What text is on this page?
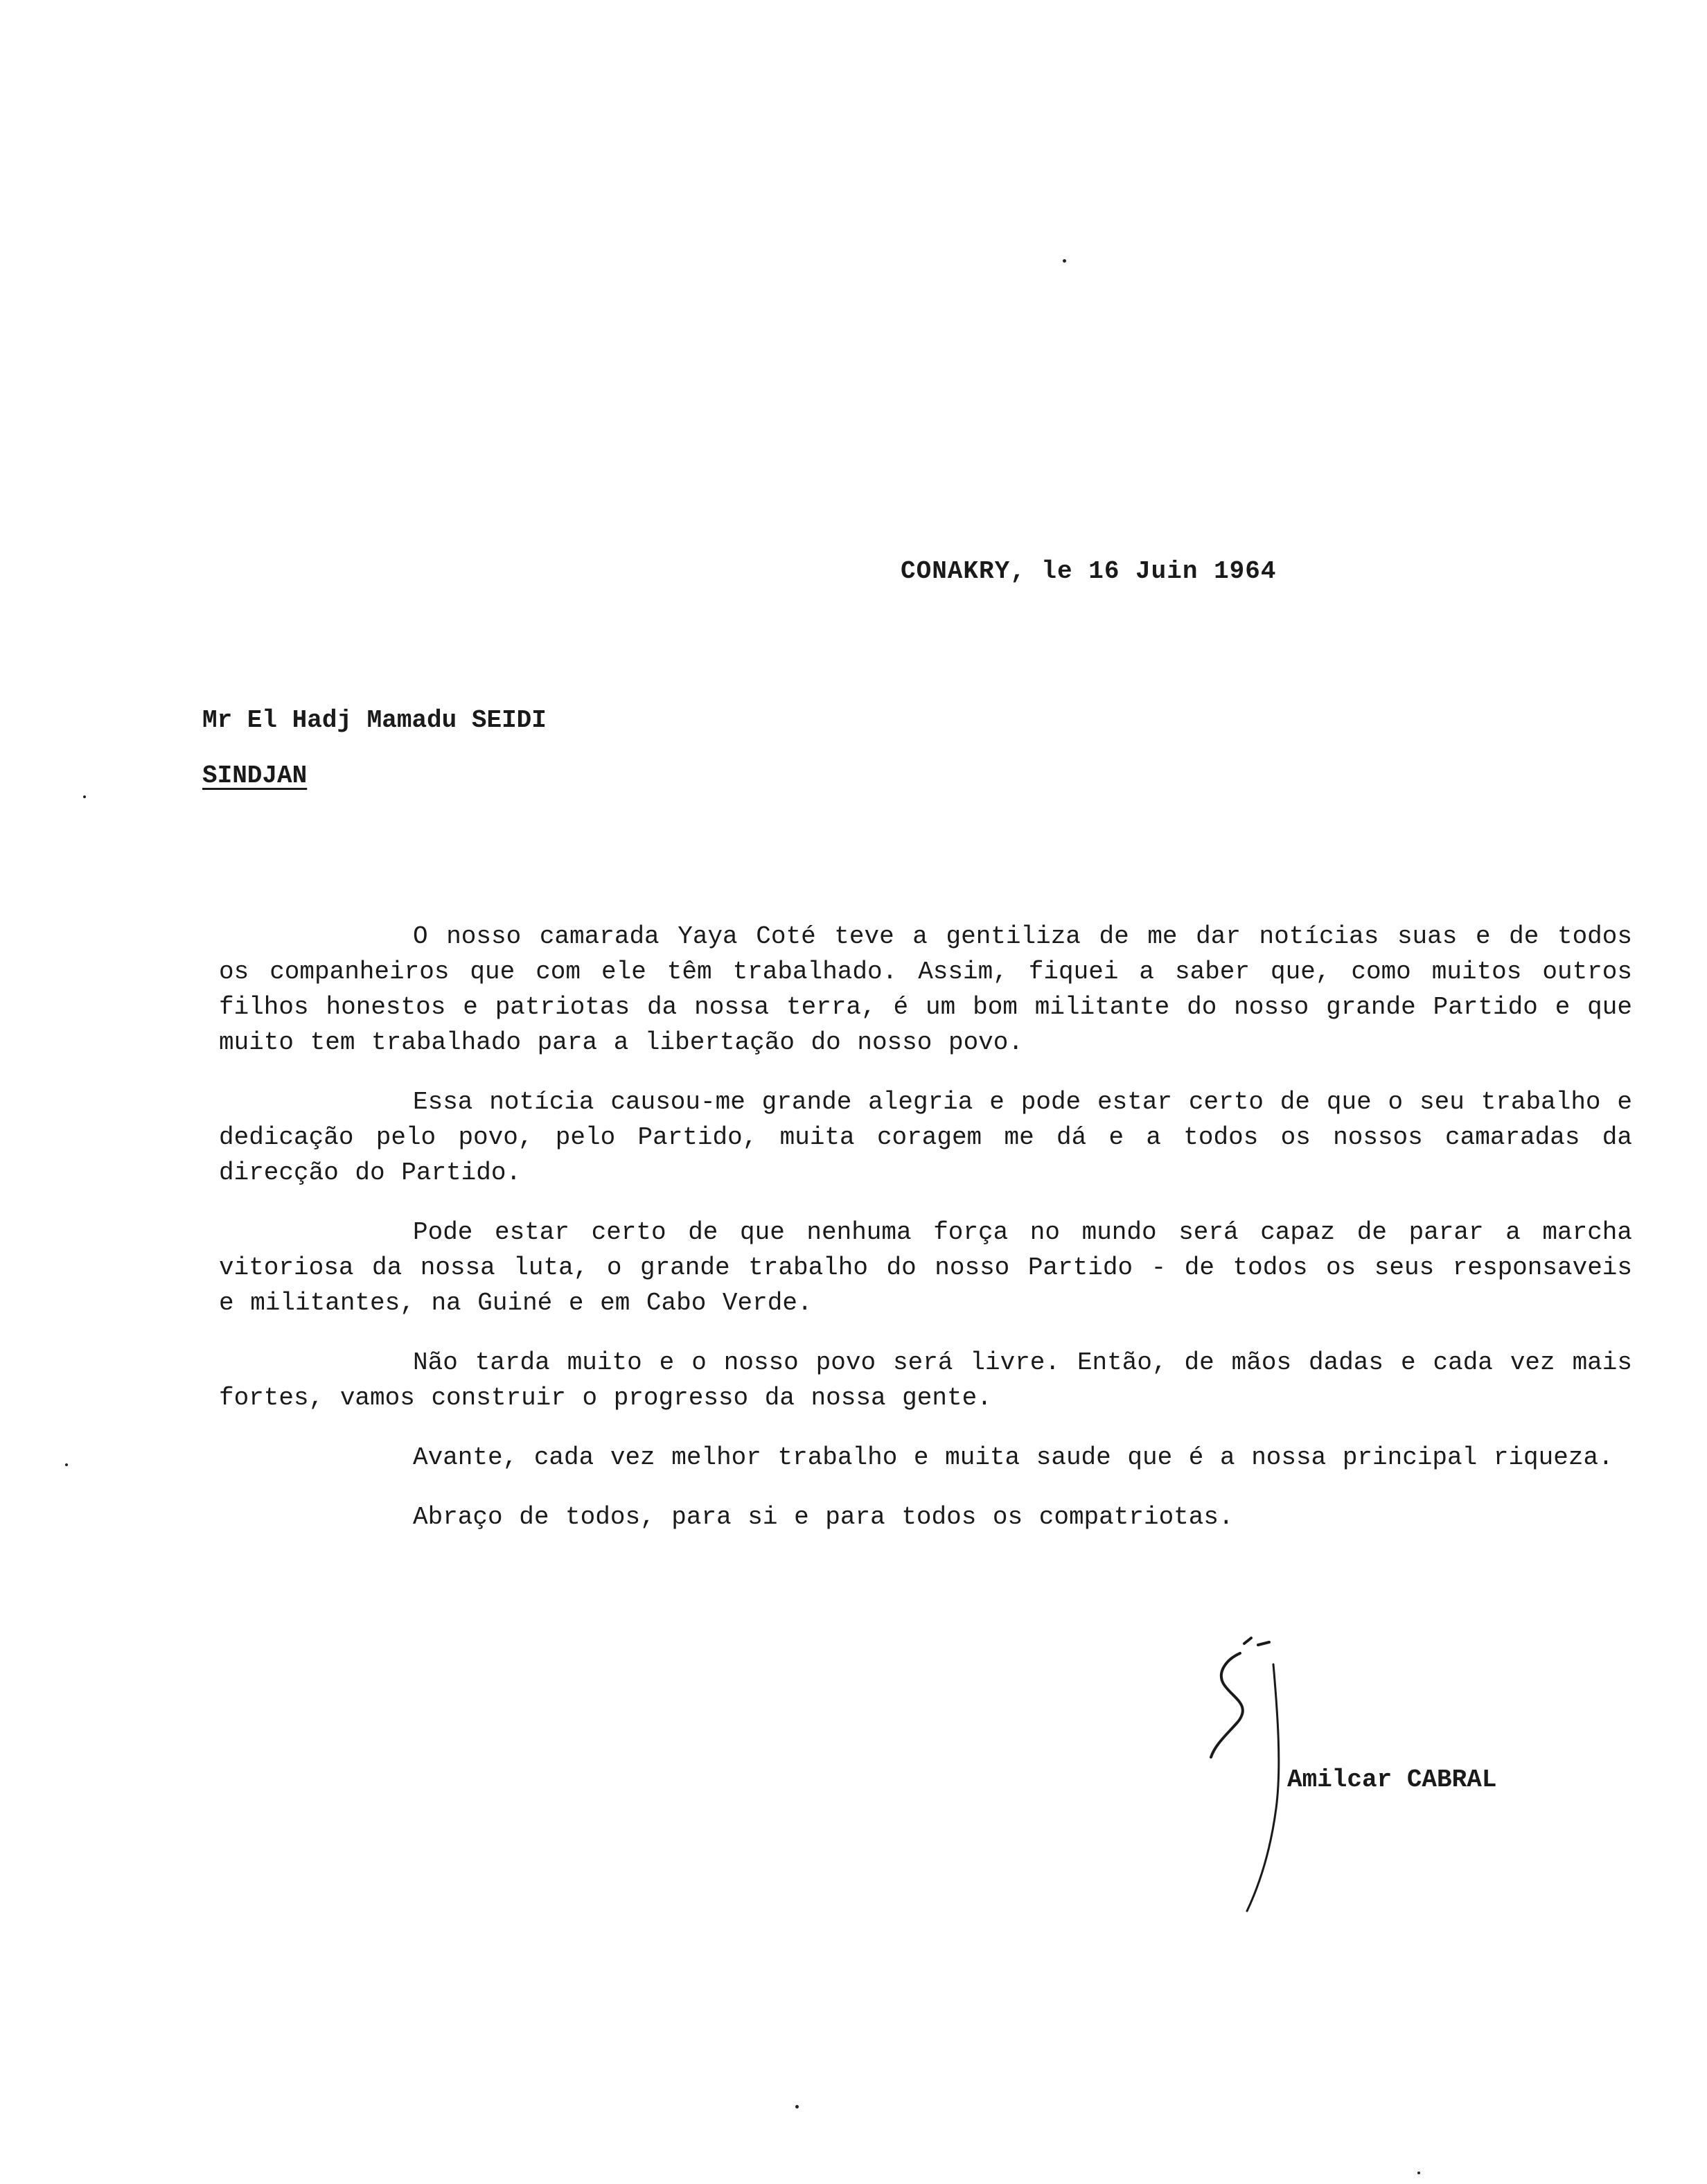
CONAKRY, le 16 Juin 1964
Mr El Hadj Mamadu SEIDI
SINDJAN

O nosso camarada Yaya Coté teve a gentiliza de me dar notícias suas e de todos os companheiros que com ele têm trabalhado. Assim, fiquei a saber que, como muitos outros filhos honestos e patriotas da nossa terra, é um bom militante do nosso grande Partido e que muito tem trabalhado para a libertação do nosso povo.

Essa notícia causou-me grande alegria e pode estar certo de que o seu trabalho e dedicação pelo povo, pelo Partido, muita coragem me dá e a todos os nossos camaradas da direcção do Partido.

Pode estar certo de que nenhuma força no mundo será capaz de parar a marcha vitoriosa da nossa luta, o grande trabalho do nosso Partido - de todos os seus responsaveis e militantes, na Guiné e em Cabo Verde.

Não tarda muito e o nosso povo será livre. Então, de mãos dadas e cada vez mais fortes, vamos construir o progresso da nossa gente.

Avante, cada vez melhor trabalho e muita saude que é a nossa principal riqueza.

Abraço de todos, para si e para todos os compatriotas.

Amilcar CABRAL
